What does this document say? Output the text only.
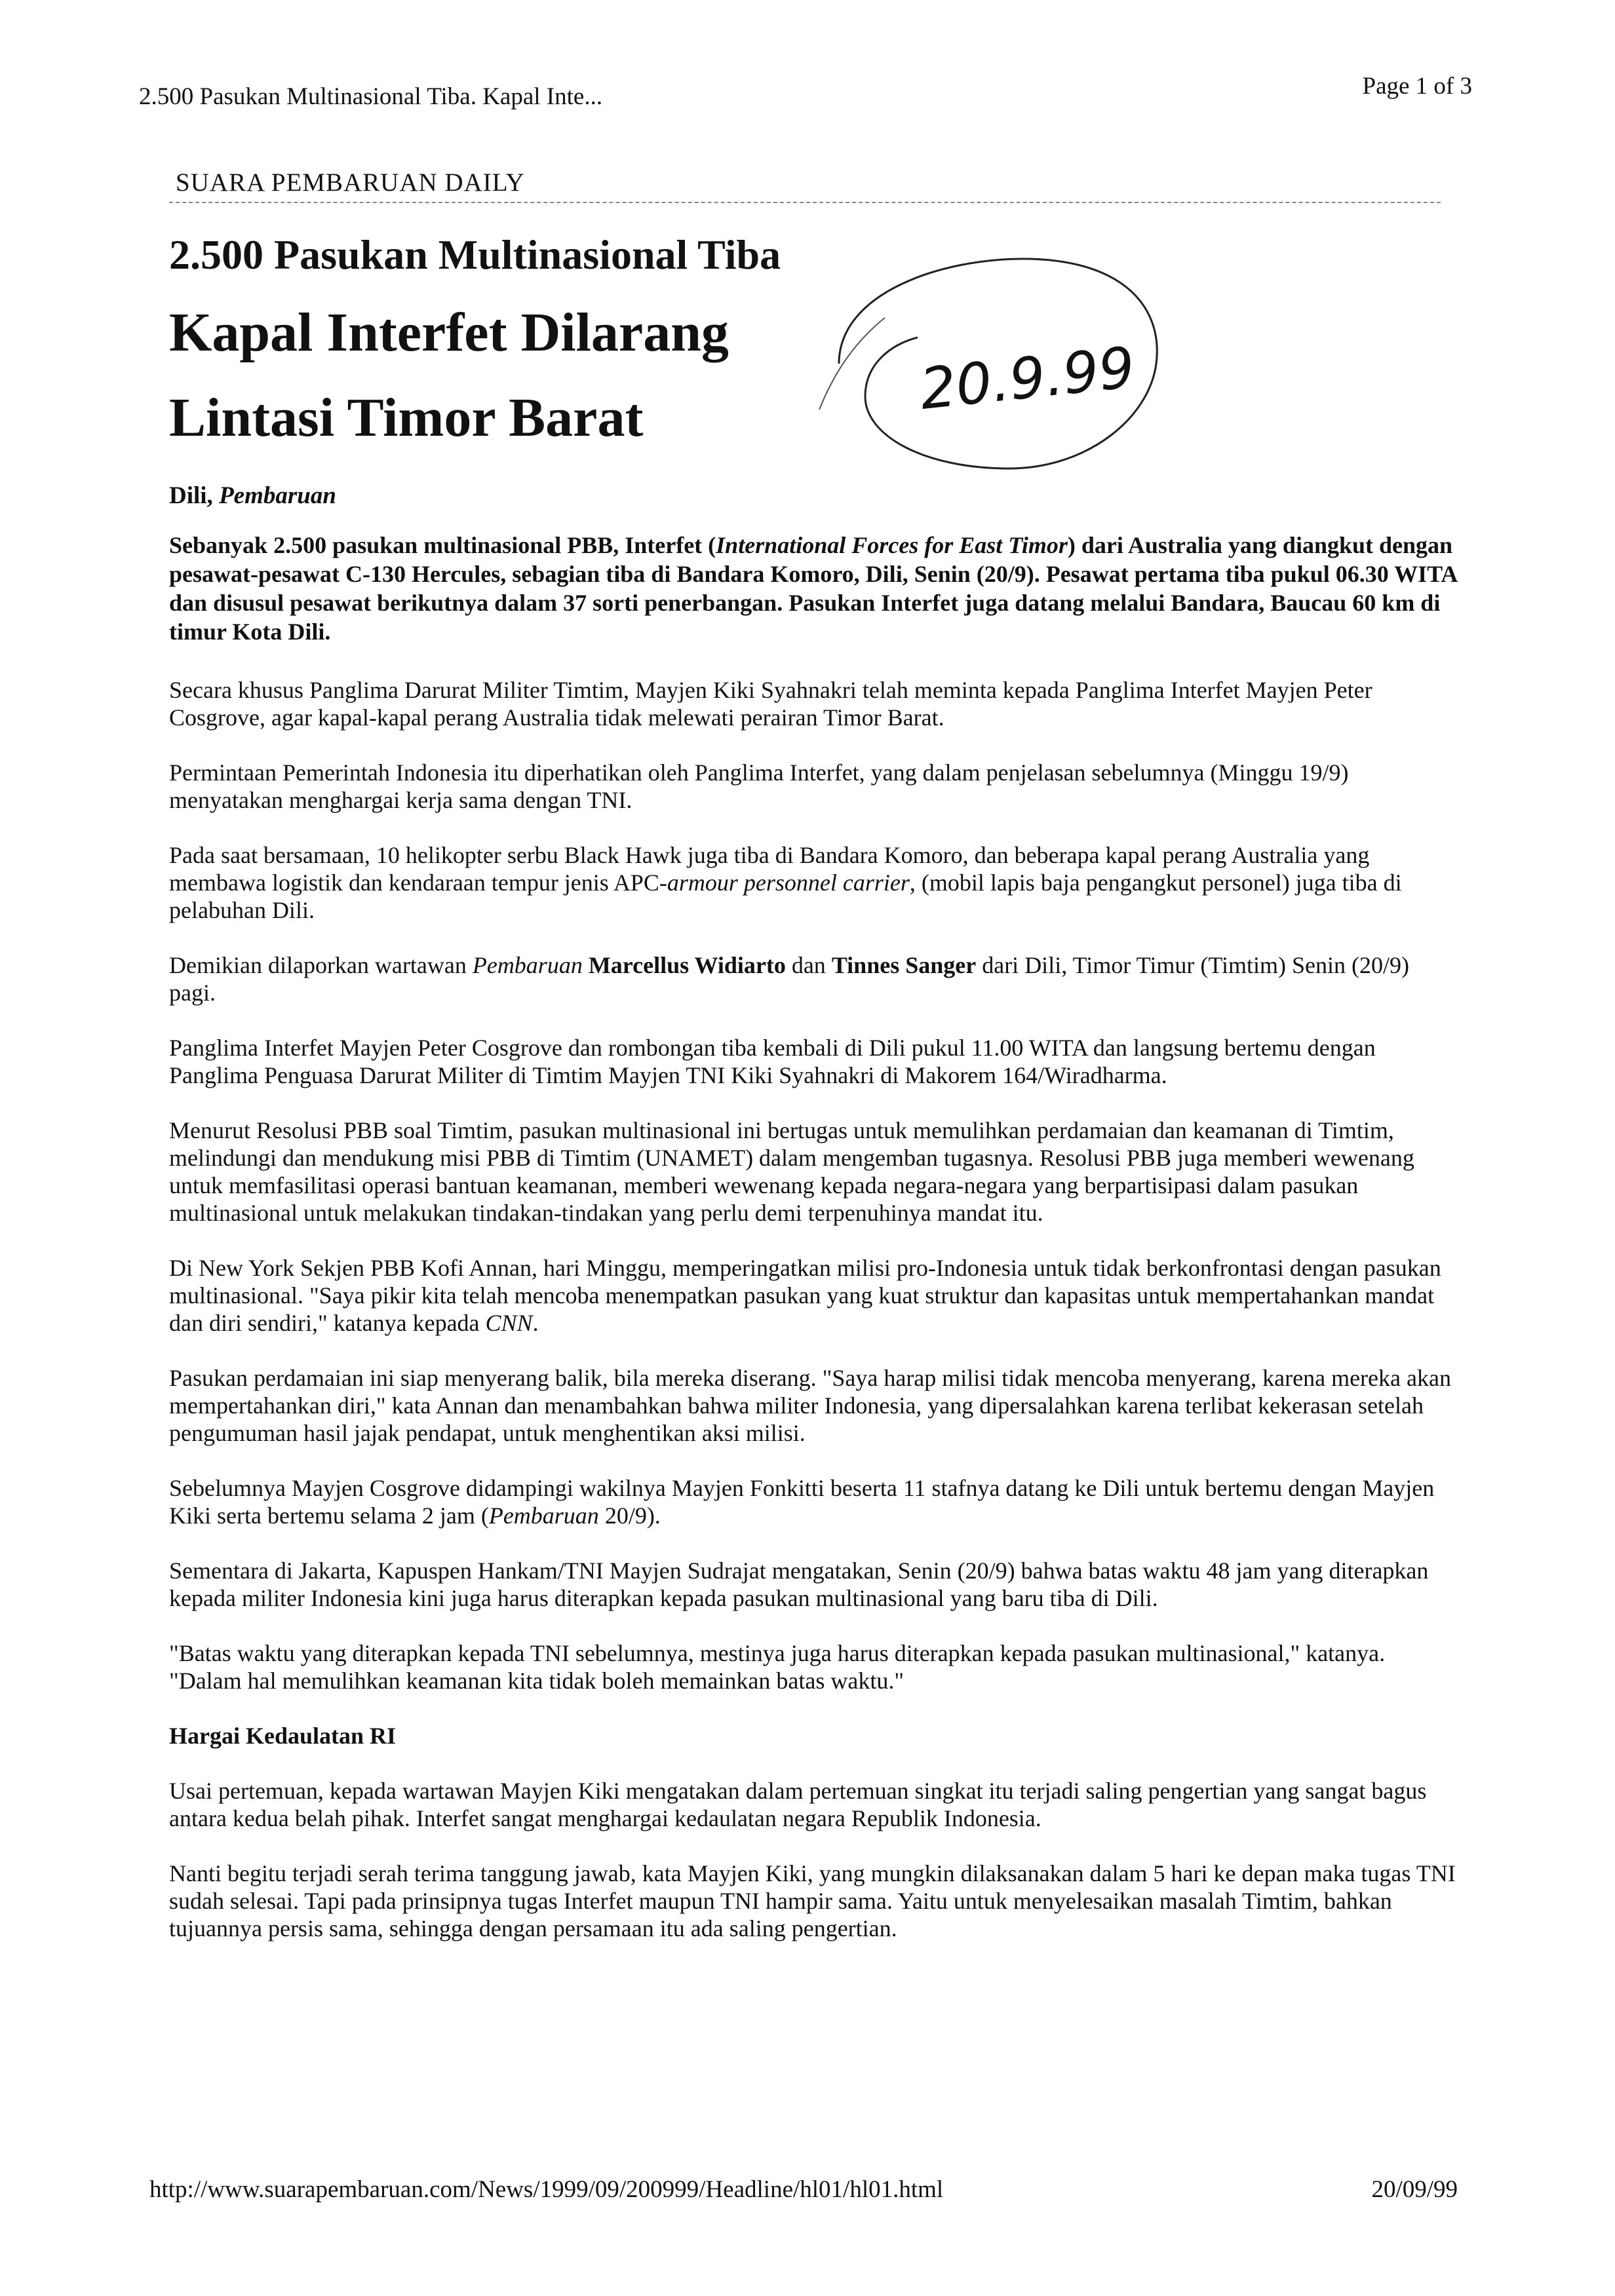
2.500 Pasukan Multinasional Tiba. Kapal Inte...	Page 1 of 3
SUARA PEMBARUAN DAILY
2.500 Pasukan Multinasional Tiba
Kapal Interfet Dilarang
Lintasi Timor Barat	20.9.99
Dili, Pembaruan
Sebanyak 2.500 pasukan multinasional PBB, Interfet (International Forces for East Timor) dari Australia yang diangkut dengan pesawat-pesawat C-130 Hercules, sebagian tiba di Bandara Komoro, Dili, Senin (20/9). Pesawat pertama tiba pukul 06.30 WITA dan disusul pesawat berikutnya dalam 37 sorti penerbangan. Pasukan Interfet juga datang melalui Bandara, Baucau 60 km di timur Kota Dili.

Secara khusus Panglima Darurat Militer Timtim, Mayjen Kiki Syahnakri telah meminta kepada Panglima Interfet Mayjen Peter Cosgrove, agar kapal-kapal perang Australia tidak melewati perairan Timor Barat.

Permintaan Pemerintah Indonesia itu diperhatikan oleh Panglima Interfet, yang dalam penjelasan sebelumnya (Minggu 19/9) menyatakan menghargai kerja sama dengan TNI.

Pada saat bersamaan, 10 helikopter serbu Black Hawk juga tiba di Bandara Komoro, dan beberapa kapal perang Australia yang membawa logistik dan kendaraan tempur jenis APC-armour personnel carrier, (mobil lapis baja pengangkut personel) juga tiba di pelabuhan Dili.

Demikian dilaporkan wartawan Pembaruan Marcellus Widiarto dan Tinnes Sanger dari Dili, Timor Timur (Timtim) Senin (20/9) pagi.

Panglima Interfet Mayjen Peter Cosgrove dan rombongan tiba kembali di Dili pukul 11.00 WITA dan langsung bertemu dengan Panglima Penguasa Darurat Militer di Timtim Mayjen TNI Kiki Syahnakri di Makorem 164/Wiradharma.

Menurut Resolusi PBB soal Timtim, pasukan multinasional ini bertugas untuk memulihkan perdamaian dan keamanan di Timtim, melindungi dan mendukung misi PBB di Timtim (UNAMET) dalam mengemban tugasnya. Resolusi PBB juga memberi wewenang untuk memfasilitasi operasi bantuan keamanan, memberi wewenang kepada negara-negara yang berpartisipasi dalam pasukan multinasional untuk melakukan tindakan-tindakan yang perlu demi terpenuhinya mandat itu.

Di New York Sekjen PBB Kofi Annan, hari Minggu, memperingatkan milisi pro-Indonesia untuk tidak berkonfrontasi dengan pasukan multinasional. "Saya pikir kita telah mencoba menempatkan pasukan yang kuat struktur dan kapasitas untuk mempertahankan mandat dan diri sendiri," katanya kepada CNN.

Pasukan perdamaian ini siap menyerang balik, bila mereka diserang. "Saya harap milisi tidak mencoba menyerang, karena mereka akan mempertahankan diri," kata Annan dan menambahkan bahwa militer Indonesia, yang dipersalahkan karena terlibat kekerasan setelah pengumuman hasil jajak pendapat, untuk menghentikan aksi milisi.

Sebelumnya Mayjen Cosgrove didampingi wakilnya Mayjen Fonkitti beserta 11 stafnya datang ke Dili untuk bertemu dengan Mayjen Kiki serta bertemu selama 2 jam (Pembaruan 20/9).

Sementara di Jakarta, Kapuspen Hankam/TNI Mayjen Sudrajat mengatakan, Senin (20/9) bahwa batas waktu 48 jam yang diterapkan kepada militer Indonesia kini juga harus diterapkan kepada pasukan multinasional yang baru tiba di Dili.

"Batas waktu yang diterapkan kepada TNI sebelumnya, mestinya juga harus diterapkan kepada pasukan multinasional," katanya. "Dalam hal memulihkan keamanan kita tidak boleh memainkan batas waktu."

Hargai Kedaulatan RI

Usai pertemuan, kepada wartawan Mayjen Kiki mengatakan dalam pertemuan singkat itu terjadi saling pengertian yang sangat bagus antara kedua belah pihak. Interfet sangat menghargai kedaulatan negara Republik Indonesia.

Nanti begitu terjadi serah terima tanggung jawab, kata Mayjen Kiki, yang mungkin dilaksanakan dalam 5 hari ke depan maka tugas TNI sudah selesai. Tapi pada prinsipnya tugas Interfet maupun TNI hampir sama. Yaitu untuk menyelesaikan masalah Timtim, bahkan tujuannya persis sama, sehingga dengan persamaan itu ada saling pengertian.

http://www.suarapembaruan.com/News/1999/09/200999/Headline/hl01/hl01.html	20/09/99
